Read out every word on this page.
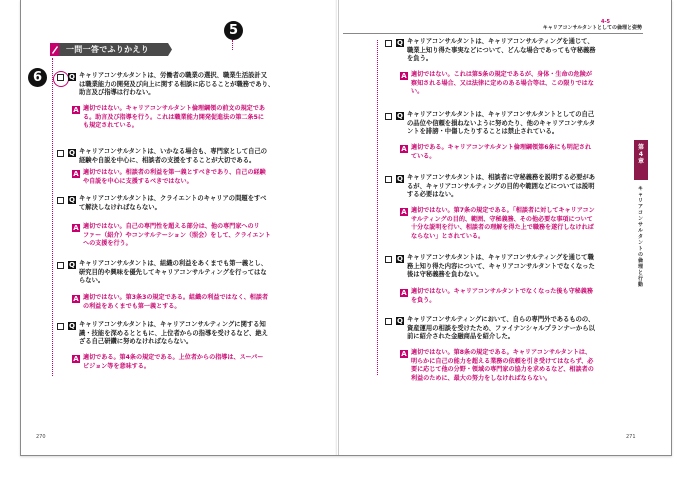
一問一答でふりかえり
5
6	Q キャリアコンサルタントは、労働者の職業の選択、職業生活設計又
は職業能力の開発及び向上に関する相談に応じることが職務であり、
助言及び指導は行わない。
A 適切ではない。キャリアコンサルタント倫理綱領の前文の規定であ
る。助言及び指導を行う。これは職業能力開発促進法の第二条5に
も規定されている。
Q キャリアコンサルタントは、いかなる場合も、専門家として自己の
経験や自説を中心に、相談者の支援をすることが大切である。
A 適切ではない。相談者の利益を第一義とすべきであり、自己の経験
や自説を中心に支援するべきではない。
Q キャリアコンサルタントは、クライエントのキャリアの問題をすべ
て解決しなければならない。
A 適切ではない。自己の専門性を超える部分は、他の専門家へのリ
ファー（紹介）やコンサルテーション（照会）をして、クライエント
への支援を行う。
Q キャリアコンサルタントは、組織の利益をあくまでも第一義とし、
研究目的や興味を優先してキャリアコンサルティングを行ってはな
らない。
A 適切ではない。第3条3の規定である。組織の利益ではなく、相談者
の利益をあくまでも第一義とする。
Q キャリアコンサルタントは、キャリアコンサルティングに関する知
識・技能を深めるとともに、上位者からの指導を受けるなど、絶え
ざる自己研鑽に努めなければならない。
A 適切である。第4条の規定である。上位者からの指導は、スーパー
ビジョン等を意味する。
270
4-5
キャリアコンサルタントとしての倫理と姿勢
第4章
キャリアコンサルタントの倫理と行動
Q キャリアコンサルタントは、キャリアコンサルティングを通じて、
職業上知り得た事実などについて、どんな場合であっても守秘義務
を負う。
A 適切ではない。これは第5条の規定であるが、身体・生命の危険が
察知される場合、又は法律に定めのある場合等は、この限りではな
い。
Q キャリアコンサルタントは、キャリアコンサルタントとしての自己
の品位や信頼を損ねないように努めたり、他のキャリアコンサルタ
ントを誹謗・中傷したりすることは禁止されている。
A 適切である。キャリアコンサルタント倫理綱領第6条にも明記され
ている。
Q キャリアコンサルタントは、相談者に守秘義務を説明する必要があ
るが、キャリアコンサルティングの目的や範囲などについては説明
する必要はない。
A 適切ではない。第7条の規定である。「相談者に対してキャリアコン
サルティングの目的、範囲、守秘義務、その他必要な事項について
十分な説明を行い、相談者の理解を得た上で職務を遂行しなければ
ならない」とされている。
Q キャリアコンサルタントは、キャリアコンサルティングを通じて職
務上知り得た内容について、キャリアコンサルタントでなくなった
後は守秘義務を負わない。
A 適切ではない。キャリアコンサルタントでなくなった後も守秘義務
を負う。
Q キャリアコンサルティングにおいて、自らの専門外であるものの、
資産運用の相談を受けたため、ファイナンシャルプランナーから以
前に紹介された金融商品を紹介した。
A 適切ではない。第8条の規定である。キャリアコンサルタントは、
明らかに自己の能力を超える業務の依頼を引き受けてはならず、必
要に応じて他の分野・領域の専門家の協力を求めるなど、相談者の
利益のために、最大の努力をしなければならない。
271
